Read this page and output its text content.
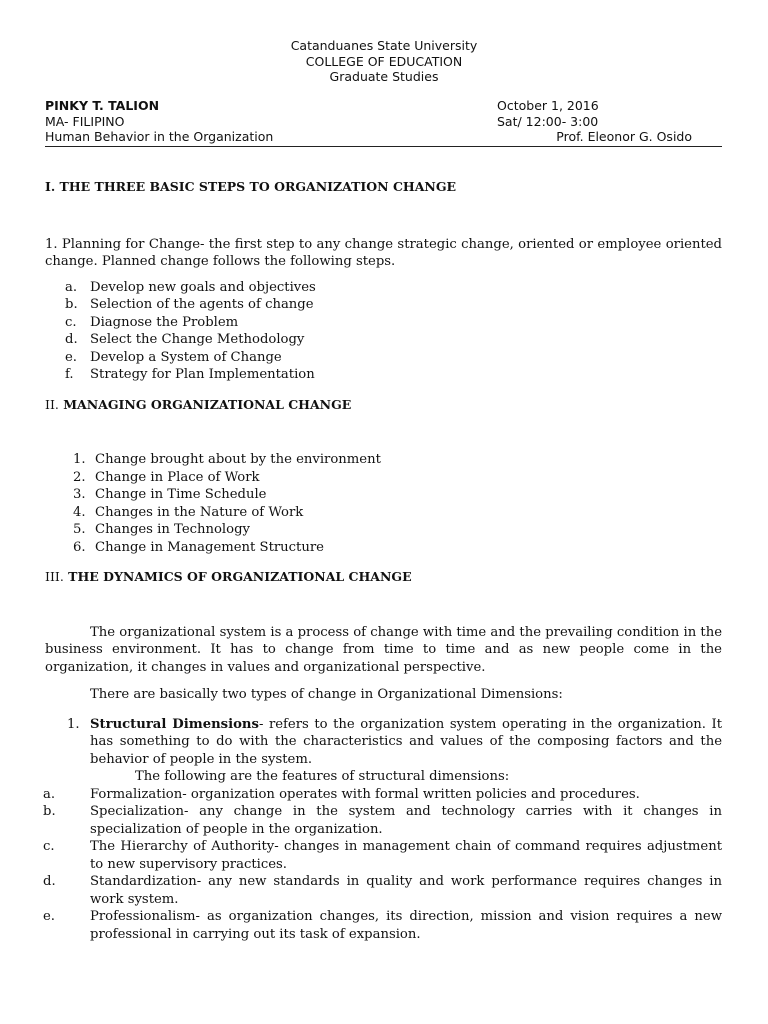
Catanduanes State University
COLLEGE OF EDUCATION
Graduate Studies
PINKY T. TALION	October 1, 2016
MA- FILIPINO	Sat/ 12:00- 3:00
Human Behavior in the Organization	Prof. Eleonor G. Osido
I. THE THREE BASIC STEPS TO ORGANIZATION CHANGE
1. Planning for Change- the first step to any change strategic change, oriented or employee oriented change. Planned change follows the following steps.
a. Develop new goals and objectives
b. Selection of the agents of change
c. Diagnose the Problem
d. Select the Change Methodology
e. Develop a System of Change
f. Strategy for Plan Implementation
II. MANAGING ORGANIZATIONAL CHANGE
1. Change brought about by the environment
2. Change in Place of Work
3. Change in Time Schedule
4. Changes in the Nature of Work
5. Changes in Technology
6. Change in Management Structure
III. THE DYNAMICS OF ORGANIZATIONAL CHANGE
The organizational system is a process of change with time and the prevailing condition in the business environment. It has to change from time to time and as new people come in the organization, it changes in values and organizational perspective.
There are basically two types of change in Organizational Dimensions:
1. Structural Dimensions- refers to the organization system operating in the organization. It has something to do with the characteristics and values of the composing factors and the behavior of people in the system.
The following are the features of structural dimensions:
a.	Formalization- organization operates with formal written policies and procedures.
b.	Specialization- any change in the system and technology carries with it changes in specialization of people in the organization.
c.	The Hierarchy of Authority- changes in management chain of command requires adjustment to new supervisory practices.
d.	Standardization- any new standards in quality and work performance requires changes in work system.
e.	Professionalism- as organization changes, its direction, mission and vision requires a new professional in carrying out its task of expansion.
